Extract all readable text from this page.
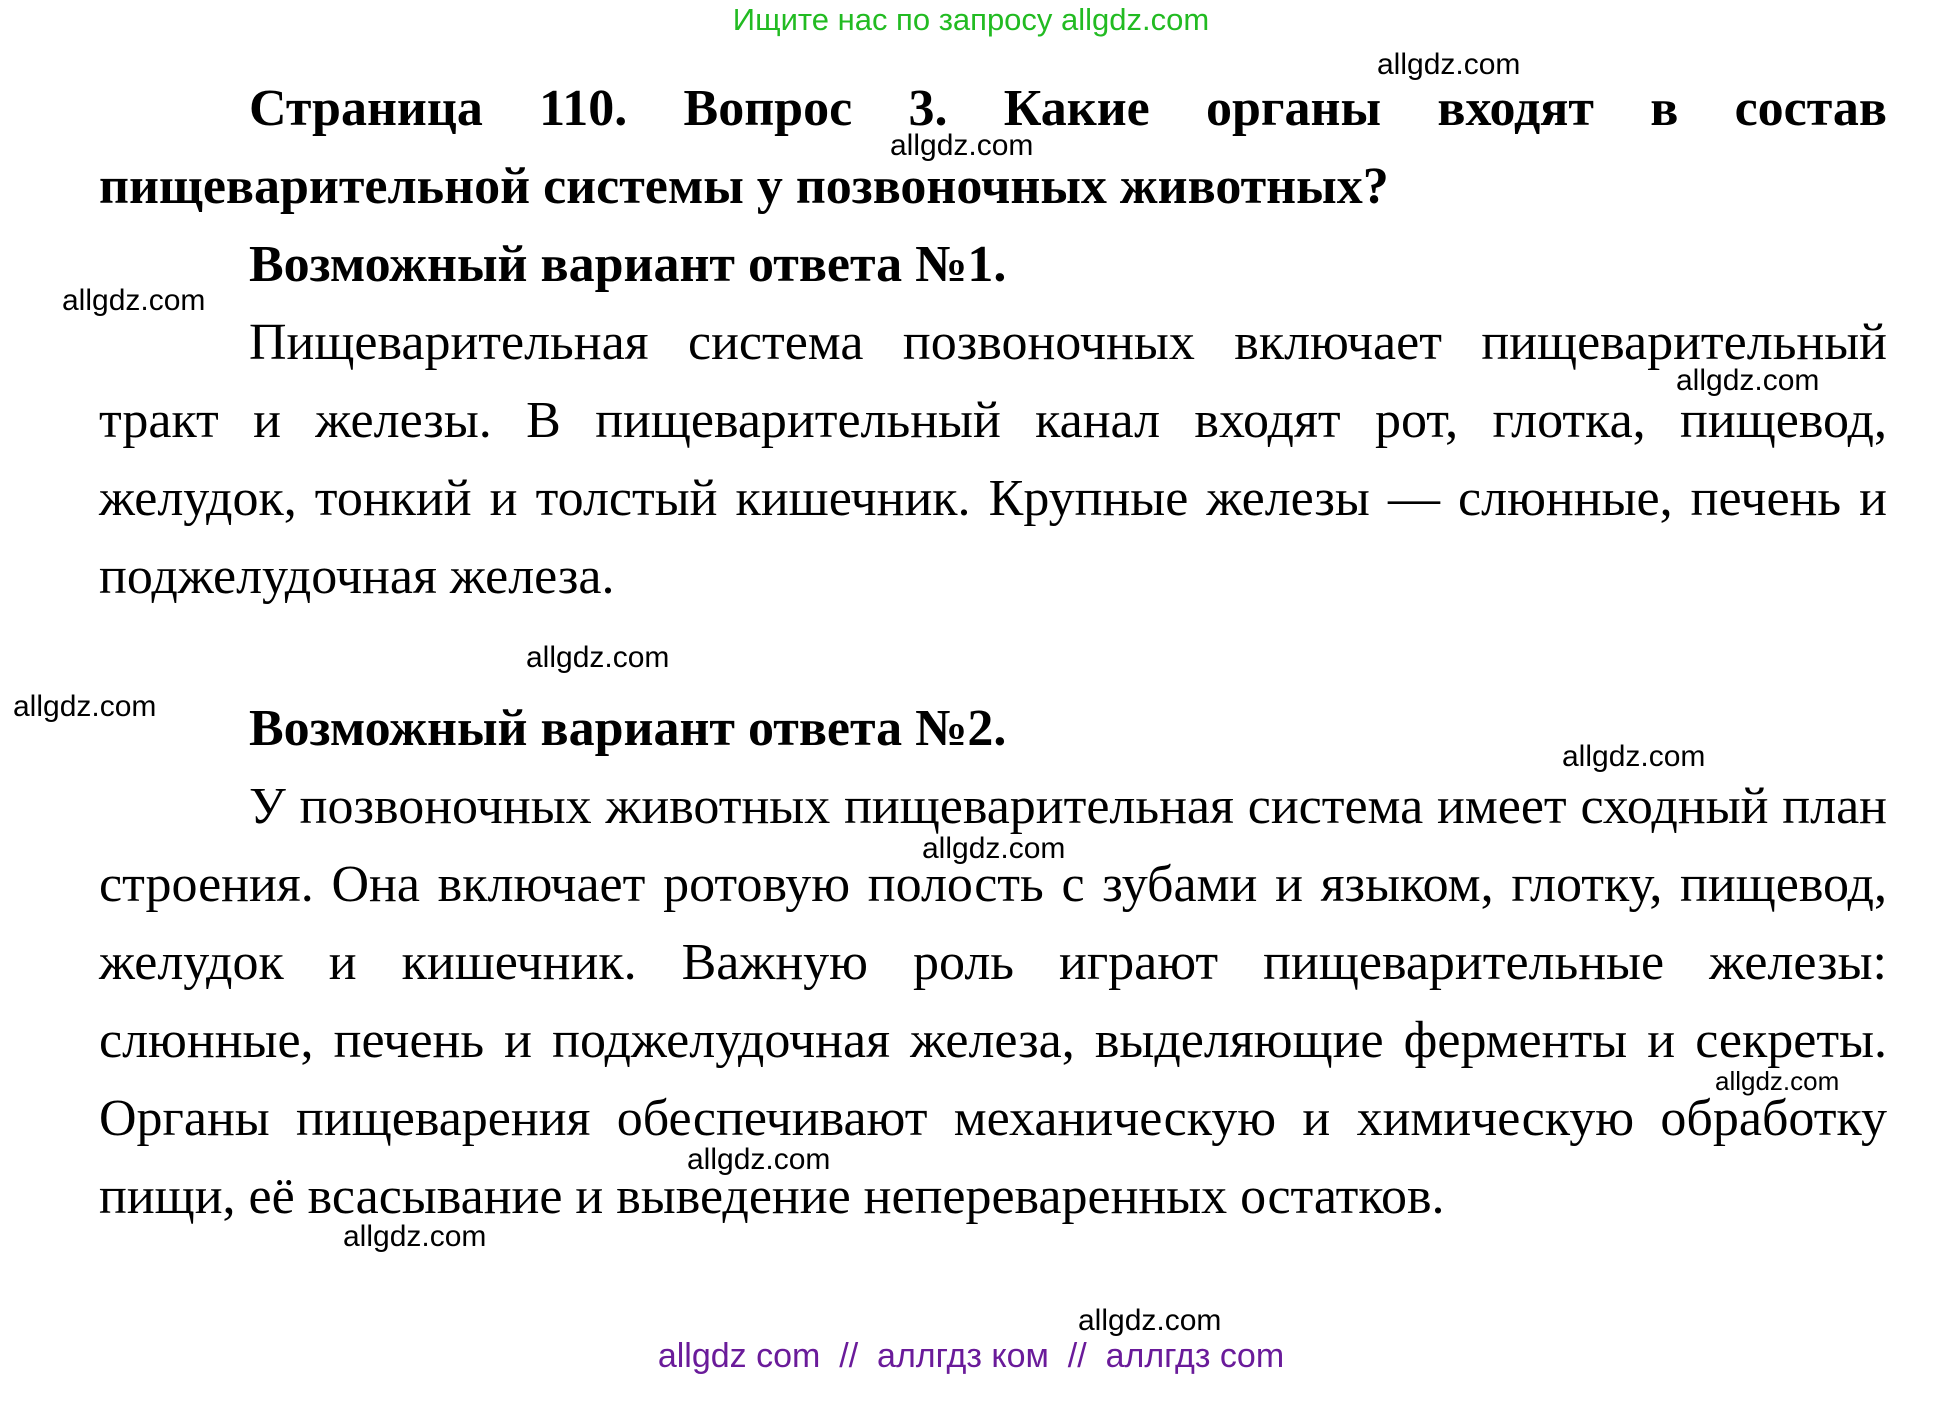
Ищите нас по запросу allgdz.com

Страница 110. Вопрос 3. Какие органы входят в состав пищеварительной системы у позвоночных животных?

Возможный вариант ответа №1.

Пищеварительная система позвоночных включает пищеварительный тракт и железы. В пищеварительный канал входят рот, глотка, пищевод, желудок, тонкий и толстый кишечник. Крупные железы — слюнные, печень и поджелудочная железа.

Возможный вариант ответа №2.

У позвоночных животных пищеварительная система имеет сходный план строения. Она включает ротовую полость с зубами и языком, глотку, пищевод, желудок и кишечник. Важную роль играют пищеварительные железы: слюнные, печень и поджелудочная железа, выделяющие ферменты и секреты. Органы пищеварения обеспечивают механическую и химическую обработку пищи, её всасывание и выведение непереваренных остатков.

allgdz.com
allgdz.com
allgdz.com
allgdz.com
allgdz.com
allgdz.com
allgdz.com
allgdz.com
allgdz.com
allgdz.com
allgdz.com
allgdz.com
allgdz com  //  аллгдз ком  //  аллгдз com
